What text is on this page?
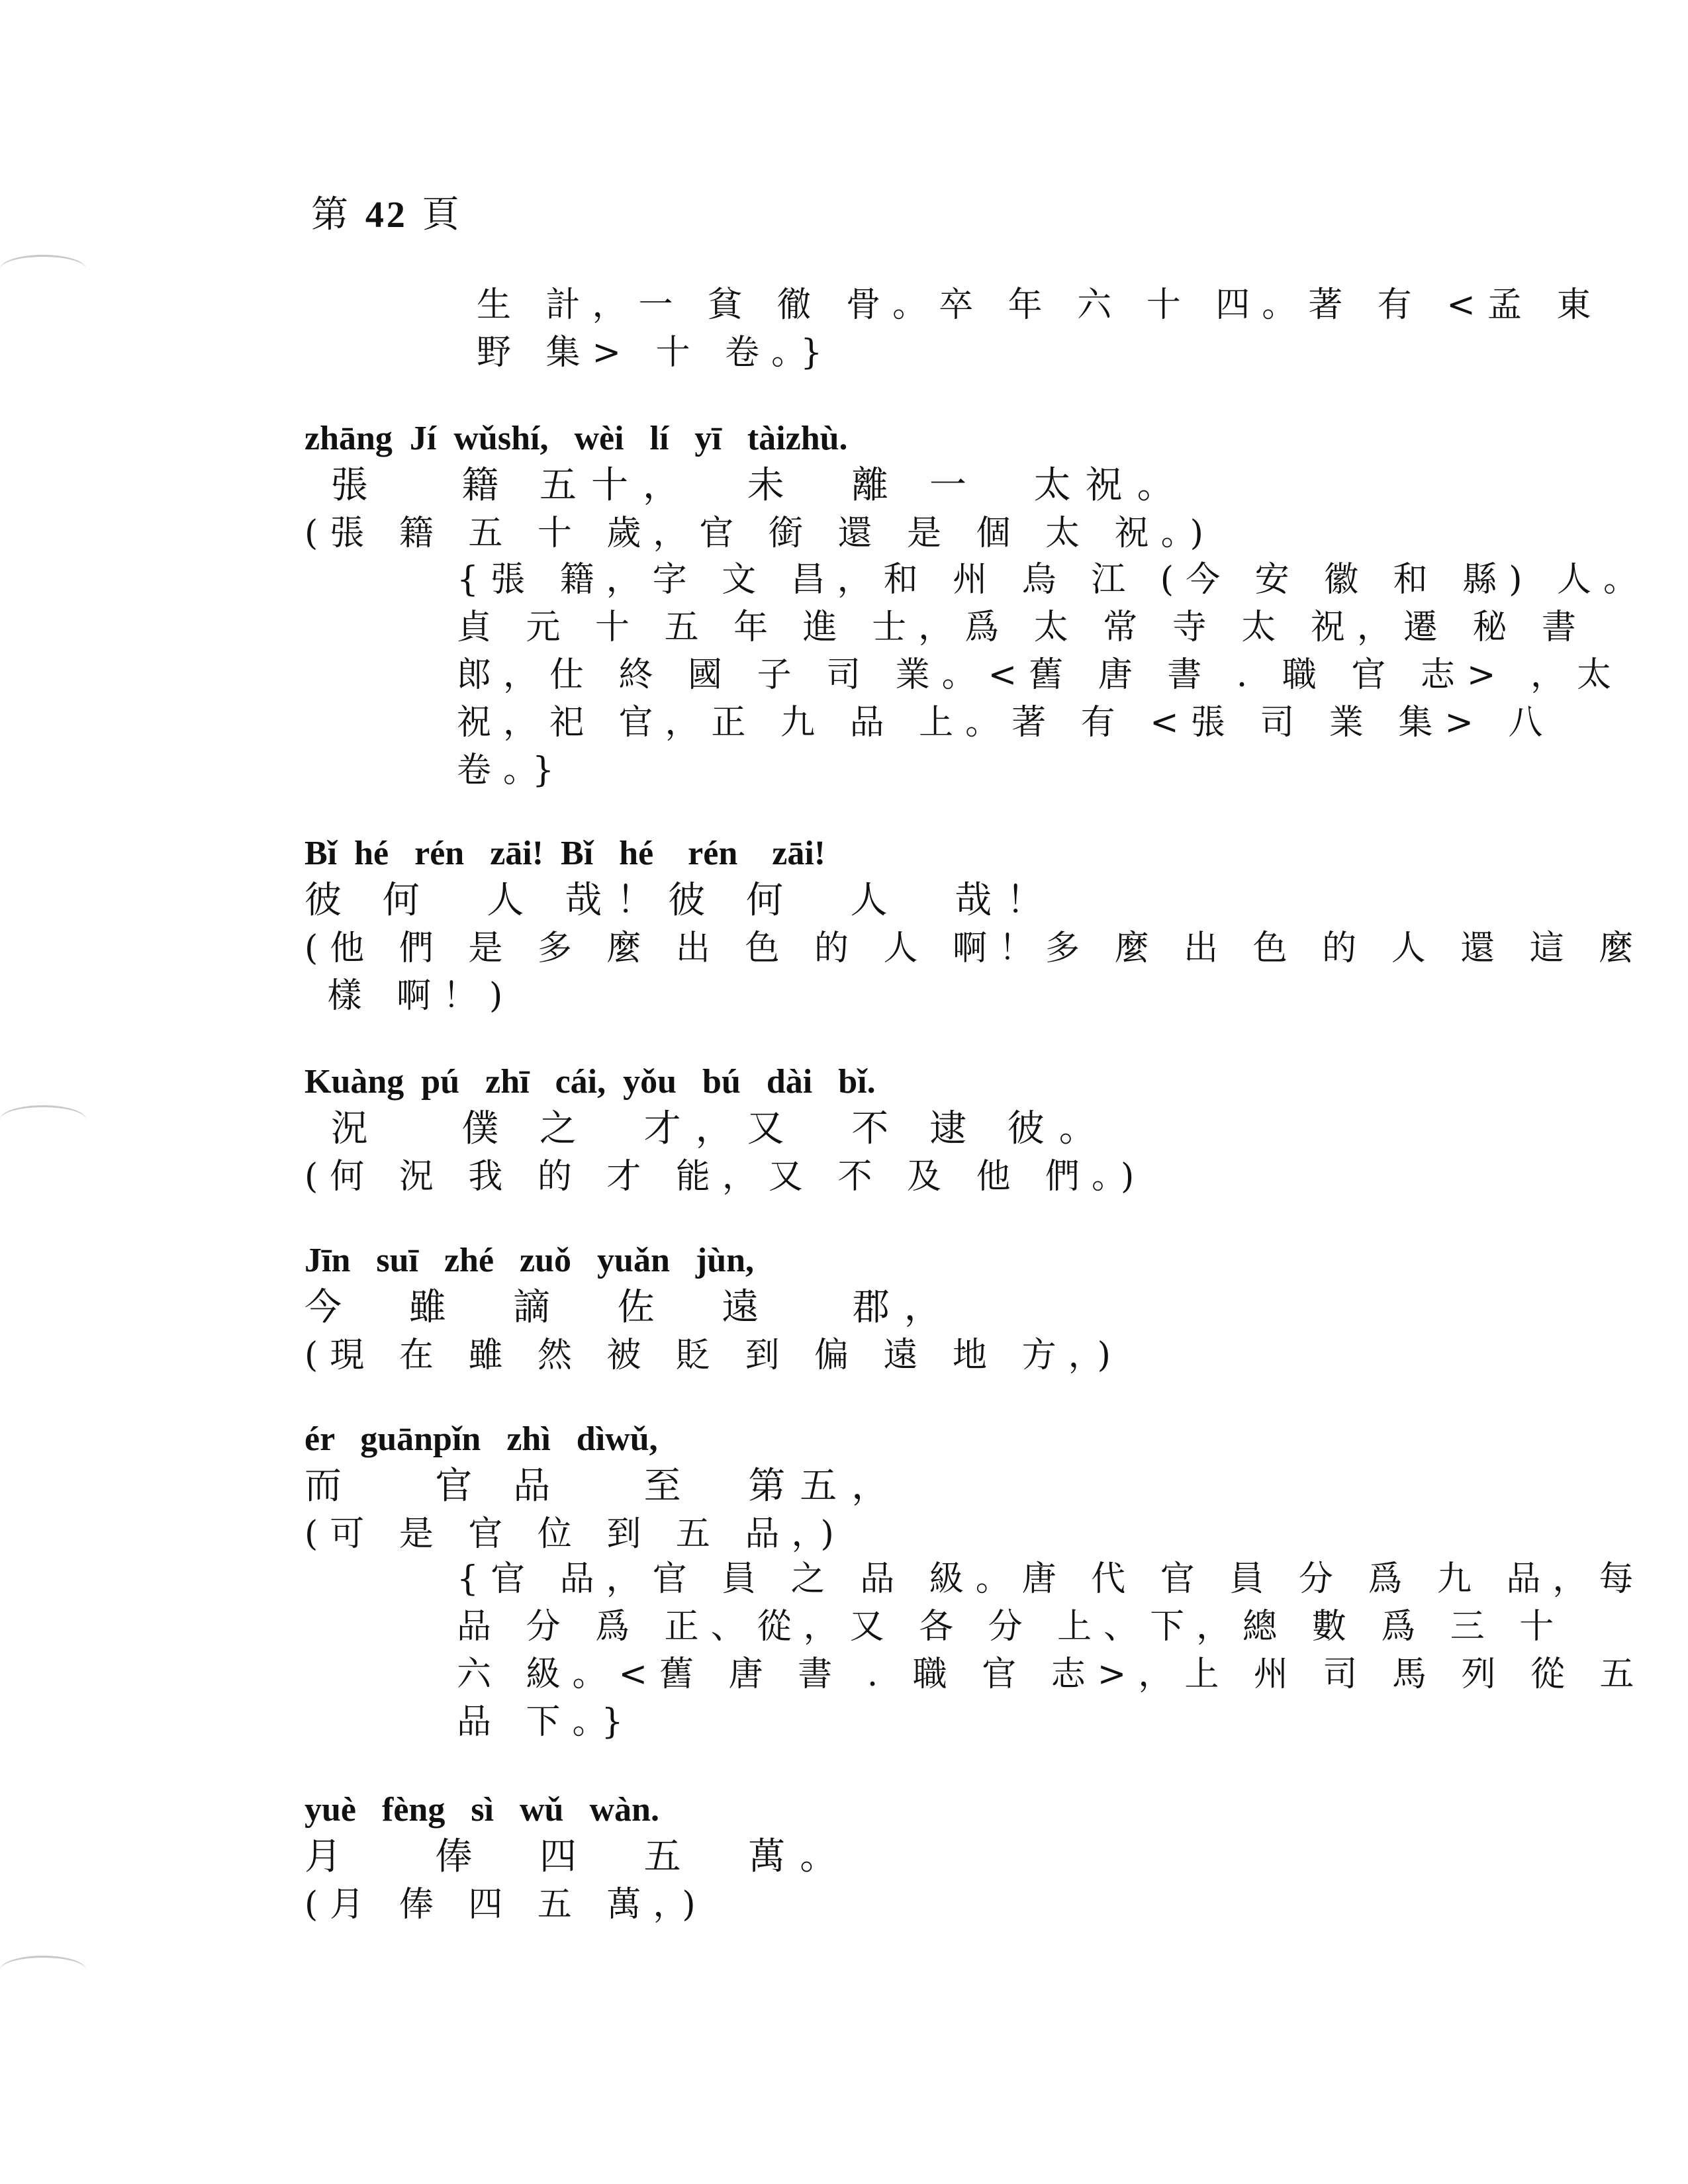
第 42 頁
生 計，一 貧 徹 骨。卒 年 六 十 四。著 有 <孟 東
野 集> 十 卷。}
zhāng  Jí  wǔshí,   wèi   lí   yī   tàizhù.
張   籍 五十，  未  離 一  太祝。
(張 籍 五 十 歲，官 銜 還 是 個 太 祝。)
{張 籍，字 文 昌，和 州 烏 江 (今 安 徽 和 縣) 人。
貞 元 十 五 年 進 士，爲 太 常 寺 太 祝，遷 秘 書
郎，仕 終 國 子 司 業。<舊 唐 書 . 職 官 志> ，太
祝，祀 官，正 九 品 上。著 有 <張 司 業 集> 八
卷。}
Bǐ  hé   rén   zāi!  Bǐ   hé    rén    zāi!
彼 何  人 哉！彼 何  人  哉！
(他 們 是 多 麼 出 色 的 人 啊！多 麼 出 色 的 人 還 這 麼
樣 啊！)
Kuàng  pú   zhī   cái,  yǒu   bú   dài   bǐ.
況   僕 之  才，又  不 逮 彼。
(何 況 我 的 才 能，又 不 及 他 們。)
Jīn   suī   zhé   zuǒ   yuǎn   jùn,
今  雖  謫  佐  遠   郡，
(現 在 雖 然 被 貶 到 偏 遠 地 方，)
ér   guānpǐn   zhì   dìwǔ,
而   官 品   至  第五，
(可 是 官 位 到 五 品，)
{官 品，官 員 之 品 級。唐 代 官 員 分 爲 九 品，每
品 分 爲 正、從，又 各 分 上、下，總 數 爲 三 十
六 級。<舊 唐 書 . 職 官 志>，上 州 司 馬 列 從 五
品 下。}
yuè   fèng   sì   wǔ   wàn.
月   俸  四  五  萬。
(月 俸 四 五 萬，)
